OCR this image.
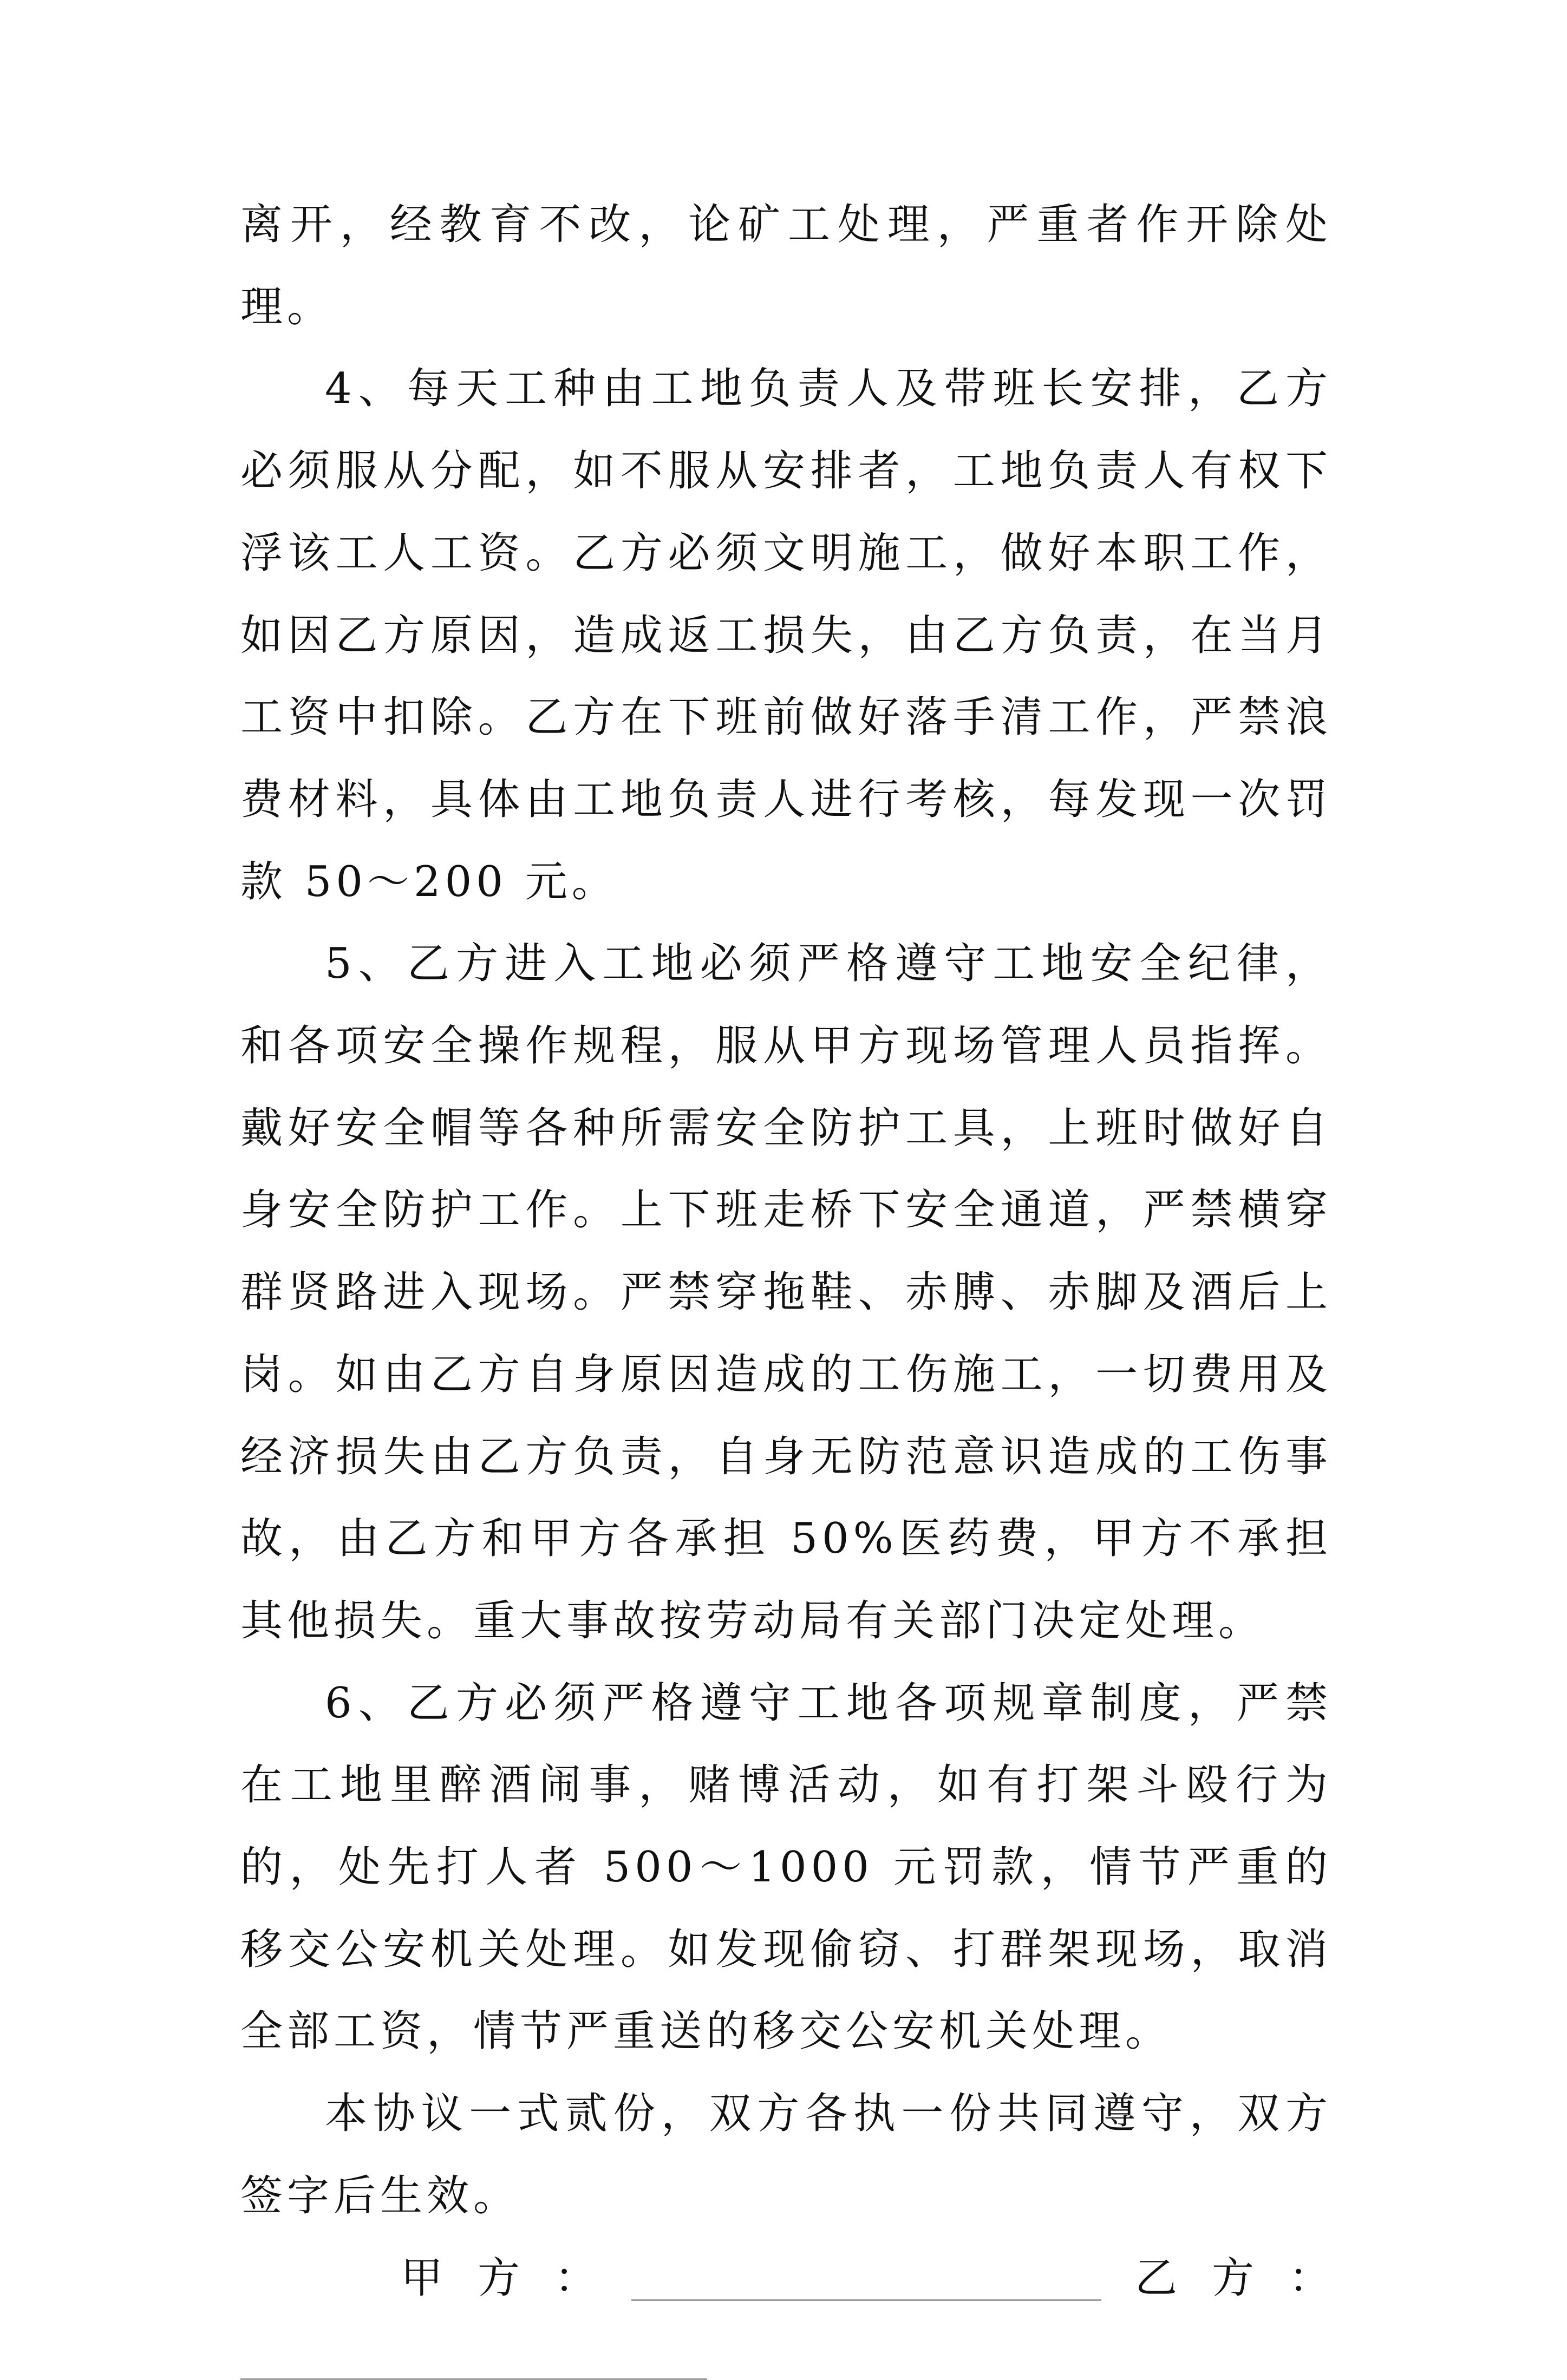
离开，经教育不改，论矿工处理，严重者作开除处理。

4、每天工种由工地负责人及带班长安排，乙方必须服从分配，如不服从安排者，工地负责人有权下浮该工人工资。乙方必须文明施工，做好本职工作，如因乙方原因，造成返工损失，由乙方负责，在当月工资中扣除。乙方在下班前做好落手清工作，严禁浪费材料，具体由工地负责人进行考核，每发现一次罚款 50～200 元。

5、乙方进入工地必须严格遵守工地安全纪律，和各项安全操作规程，服从甲方现场管理人员指挥。戴好安全帽等各种所需安全防护工具，上班时做好自身安全防护工作。上下班走桥下安全通道，严禁横穿群贤路进入现场。严禁穿拖鞋、赤膊、赤脚及酒后上岗。如由乙方自身原因造成的工伤施工，一切费用及经济损失由乙方负责，自身无防范意识造成的工伤事故，由乙方和甲方各承担 50%医药费，甲方不承担其他损失。重大事故按劳动局有关部门决定处理。

6、乙方必须严格遵守工地各项规章制度，严禁在工地里醉酒闹事，赌博活动，如有打架斗殴行为的，处先打人者 500～1000 元罚款，情节严重的移交公安机关处理。如发现偷窃、打群架现场，取消全部工资，情节严重送的移交公安机关处理。

本协议一式贰份，双方各执一份共同遵守，双方签字后生效。

甲 方 ：	乙 方 ：
